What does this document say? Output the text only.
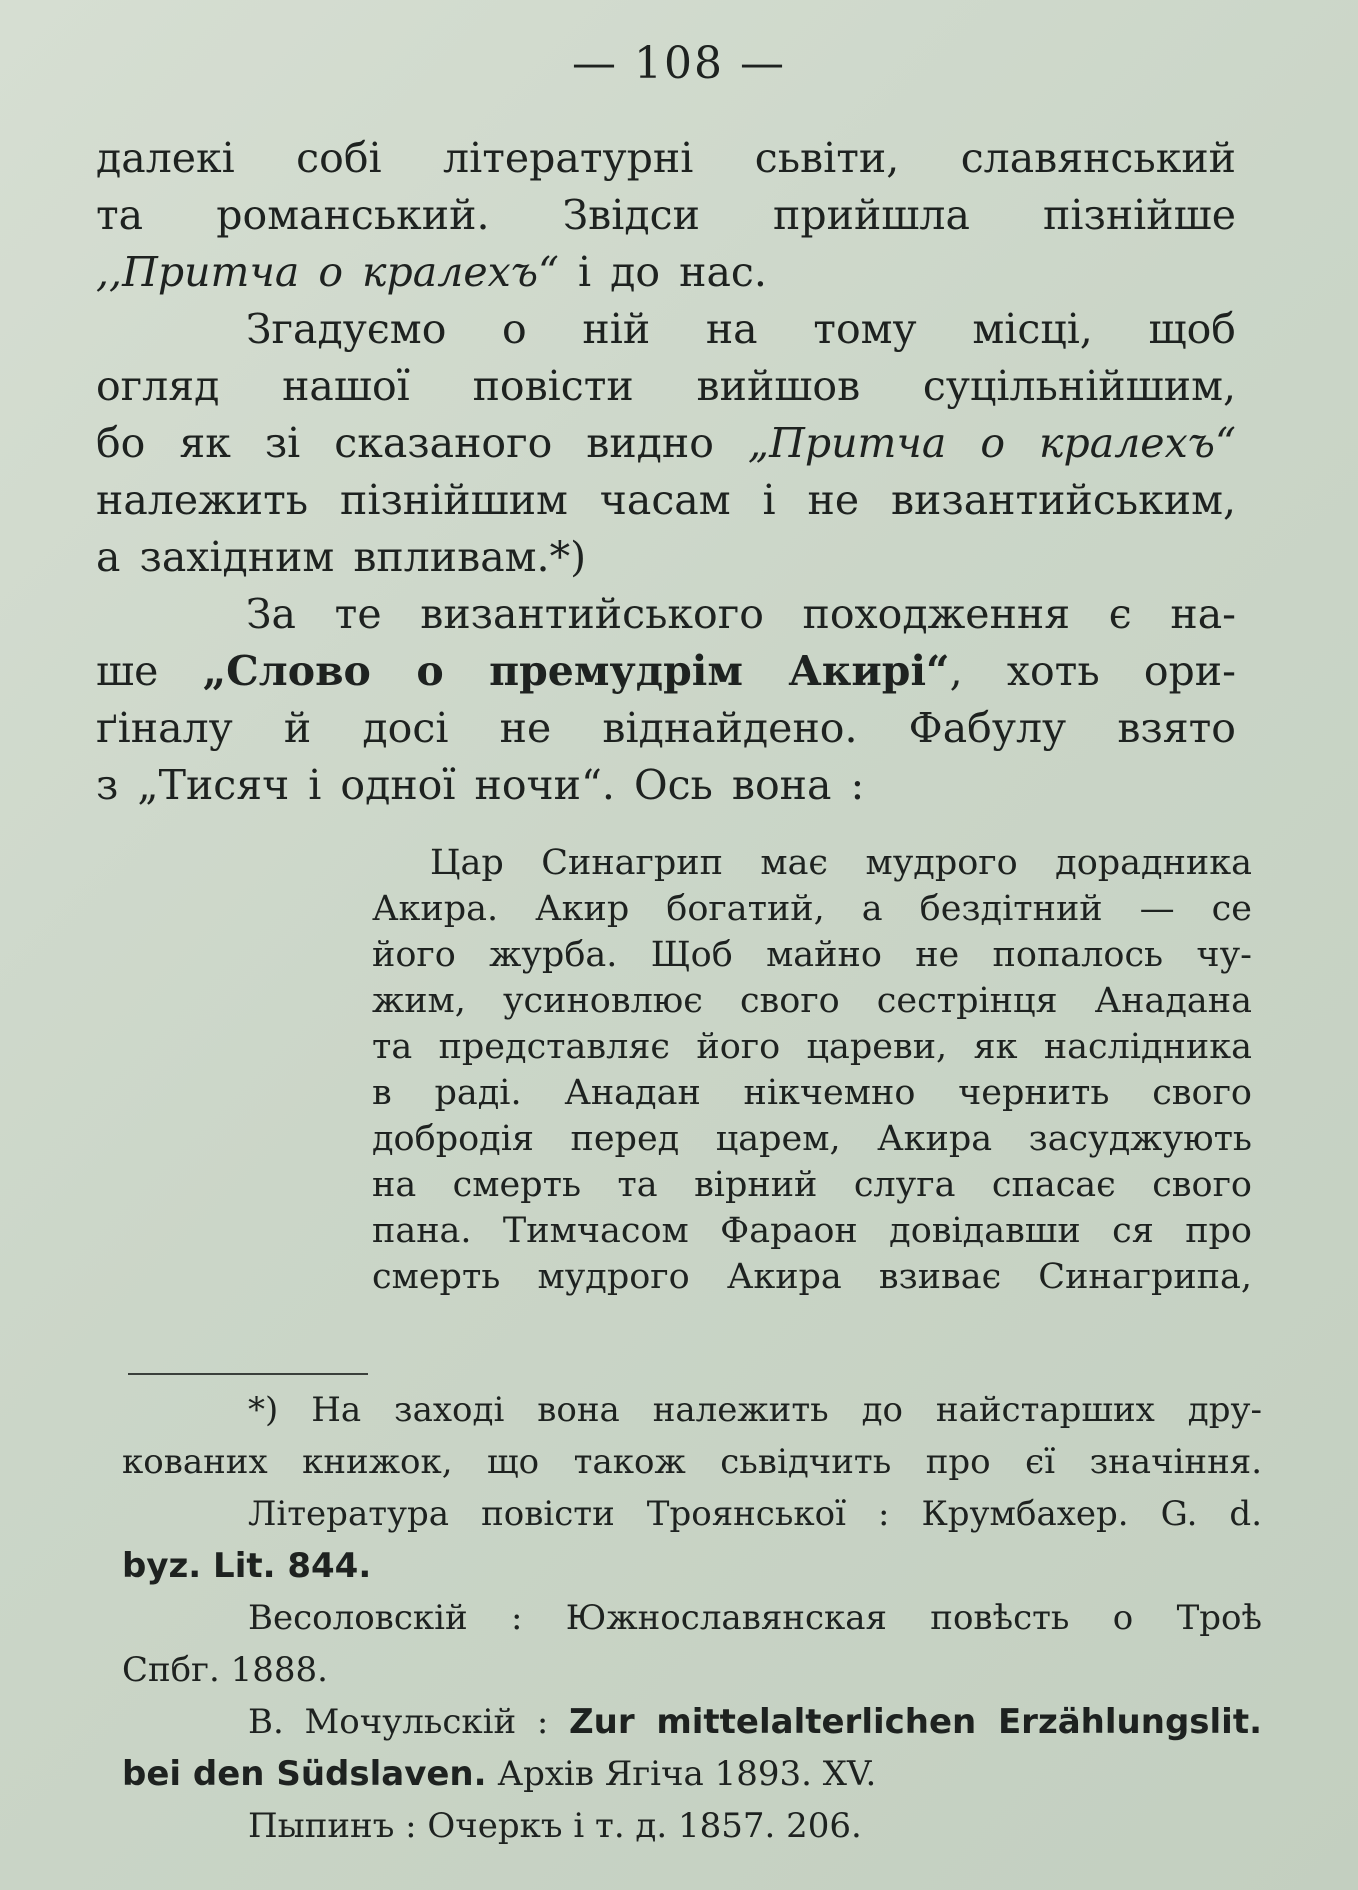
— 108 —
далекі собі літературні сьвіти, славянський
та романський. Звідси прийшла пізнійше
,,Притча о кралехъ“ і до нас.
Згадуємо о ній на тому місці, щоб
огляд нашої повісти вийшов суцільнійшим,
бо як зі сказаного видно „Притча о кралехъ“
належить пізнійшим часам і не византийським,
а західним впливам.*)
За те византийського походження є на-
ше „Слово о премудрім Акирі“, хоть ори-
ґіналу й досі не віднайдено. Фабулу взято
з „Тисяч і одної ночи“. Ось вона :
Цар Синагрип має мудрого дорадника
Акира. Акир богатий, а бездітний — се
його журба. Щоб майно не попалось чу-
жим, усиновлює свого сестрінця Анадана
та представляє його цареви, як наслідника
в раді. Анадан нікчемно чернить свого
добродія перед царем, Акира засуджують
на смерть та вірний слуга спасає свого
пана. Тимчасом Фараон довідавши ся про
смерть мудрого Акира взиває Синагрипа,
*) На заході вона належить до найстарших дру-
кованих книжок, що також сьвідчить про єї значіння.
Література повісти Троянської : Крумбахер. G. d.
byz. Lit. 844.
Весоловскій : Южнославянская повѣсть о Троѣ
Спбг. 1888.
В. Мочульскій : Zur mittelalterlichen Erzählungslit.
bei den Südslaven. Архів Ягіча 1893. XV.
Пыпинъ : Очеркъ і т. д. 1857. 206.
